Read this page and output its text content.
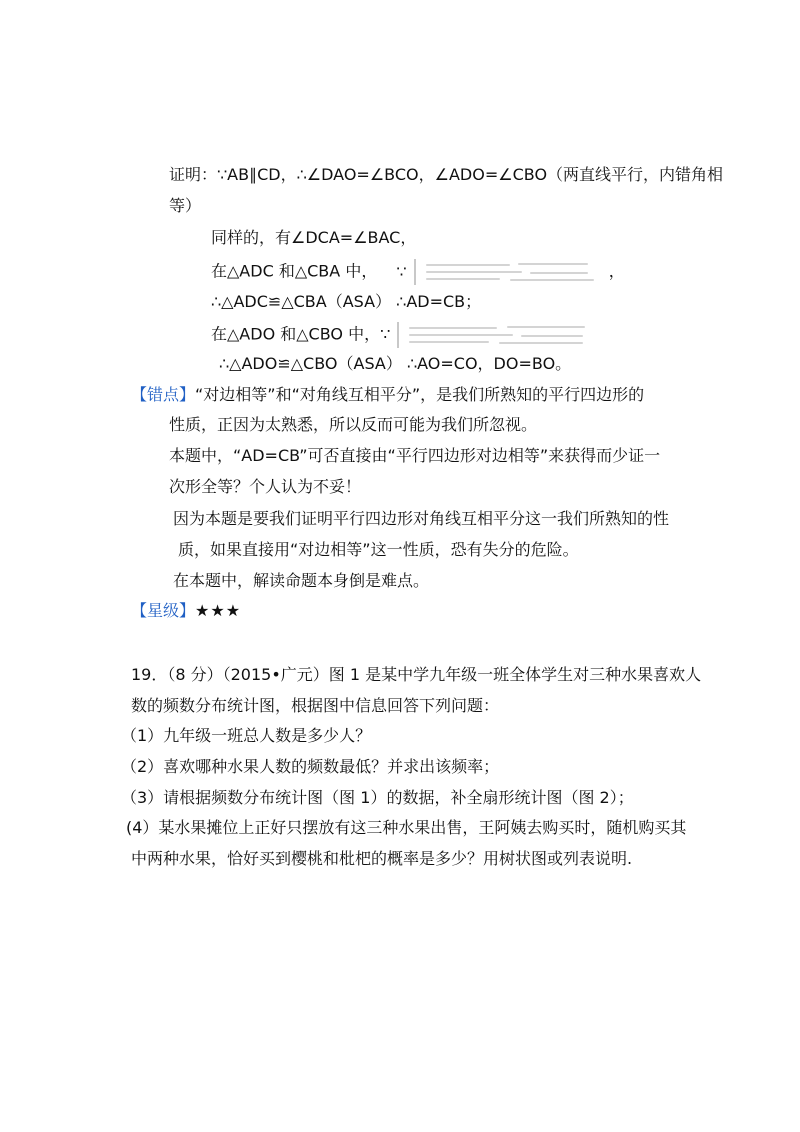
证明：∵AB∥CD，∴∠DAO=∠BCO，∠ADO=∠CBO（两直线平行，内错角相
等）
同样的，有∠DCA=∠BAC，
在△ADC 和△CBA 中， ∵	，
∴△ADC≌△CBA（ASA） ∴AD=CB；
在△ADO 和△CBO 中，∵
∴△ADO≌△CBO（ASA） ∴AO=CO，DO=BO。
【错点】“对边相等”和“对角线互相平分”，是我们所熟知的平行四边形的
性质，正因为太熟悉，所以反而可能为我们所忽视。
本题中，“AD=CB”可否直接由“平行四边形对边相等”来获得而少证一
次形全等？个人认为不妥！
因为本题是要我们证明平行四边形对角线互相平分这一我们所熟知的性
质，如果直接用“对边相等”这一性质，恐有失分的危险。
在本题中，解读命题本身倒是难点。
【星级】★★★
19．（8 分）（2015•广元）图 1 是某中学九年级一班全体学生对三种水果喜欢人
数的频数分布统计图，根据图中信息回答下列问题：
（1）九年级一班总人数是多少人？
（2）喜欢哪种水果人数的频数最低？并求出该频率；
（3）请根据频数分布统计图（图 1）的数据，补全扇形统计图（图 2）；
(4）某水果摊位上正好只摆放有这三种水果出售，王阿姨去购买时，随机购买其
中两种水果，恰好买到樱桃和枇杷的概率是多少？用树状图或列表说明.
